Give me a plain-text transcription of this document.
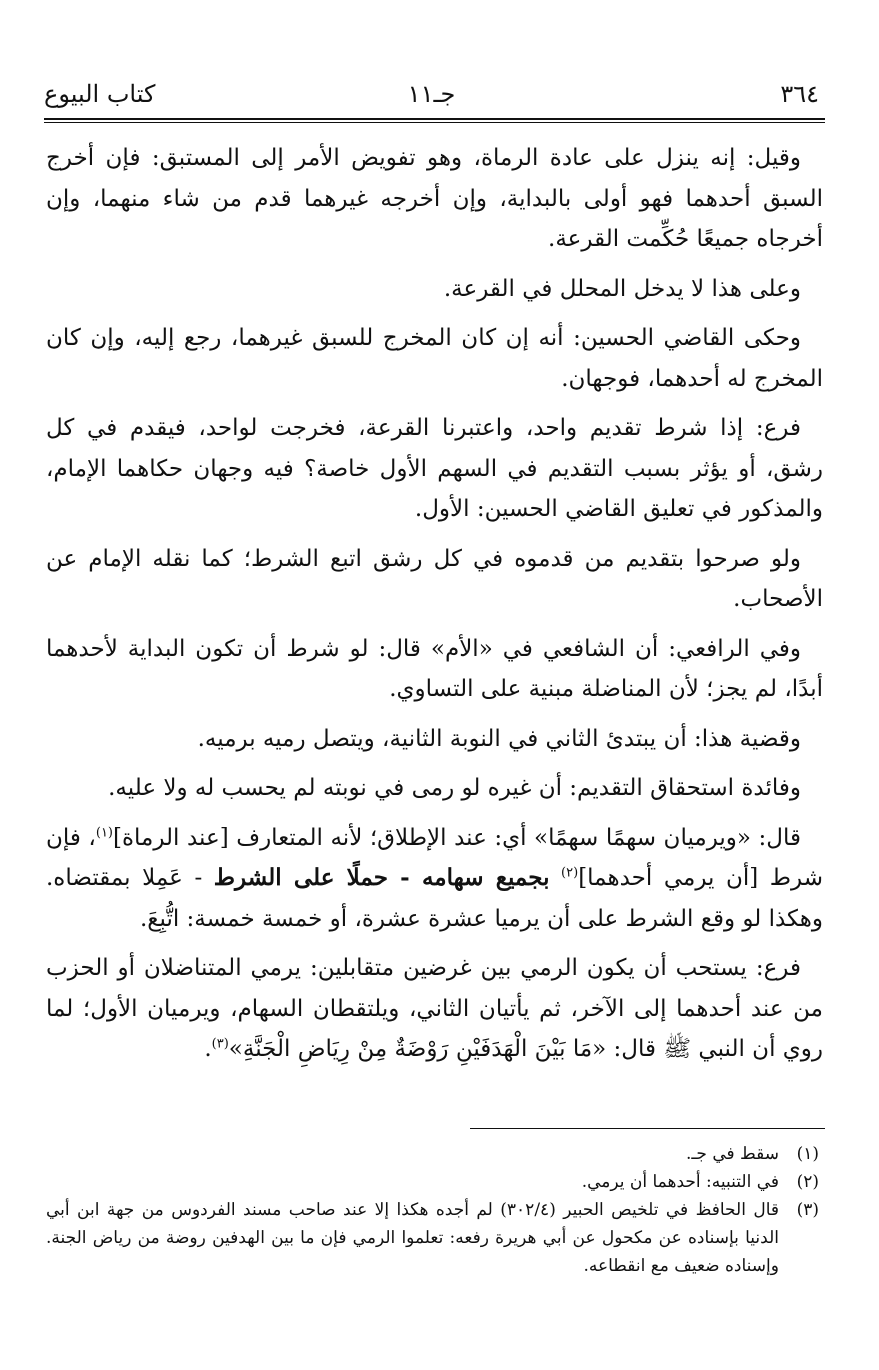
٣٦٤
جـ١١
كتاب البيوع

وقيل: إنه ينزل على عادة الرماة، وهو تفويض الأمر إلى المستبق: فإن أخرج السبق أحدهما فهو أولى بالبداية، وإن أخرجه غيرهما قدم من شاء منهما، وإن أخرجاه جميعًا حُكِّمت القرعة.

وعلى هذا لا يدخل المحلل في القرعة.

وحكى القاضي الحسين: أنه إن كان المخرج للسبق غيرهما، رجع إليه، وإن كان المخرج له أحدهما، فوجهان.

فرع: إذا شرط تقديم واحد، واعتبرنا القرعة، فخرجت لواحد، فيقدم في كل رشق، أو يؤثر بسبب التقديم في السهم الأول خاصة؟ فيه وجهان حكاهما الإمام، والمذكور في تعليق القاضي الحسين: الأول.

ولو صرحوا بتقديم من قدموه في كل رشق اتبع الشرط؛ كما نقله الإمام عن الأصحاب.

وفي الرافعي: أن الشافعي في «الأم» قال: لو شرط أن تكون البداية لأحدهما أبدًا، لم يجز؛ لأن المناضلة مبنية على التساوي.

وقضية هذا: أن يبتدئ الثاني في النوبة الثانية، ويتصل رميه برميه.

وفائدة استحقاق التقديم: أن غيره لو رمى في نوبته لم يحسب له ولا عليه.

قال: «ويرميان سهمًا سهمًا» أي: عند الإطلاق؛ لأنه المتعارف [عند الرماة]$^{(١)}$، فإن شرط [أن يرمي أحدهما]$^{(٢)}$ بجميع سهامه - حملًا على الشرط - عَمِلا بمقتضاه. وهكذا لو وقع الشرط على أن يرميا عشرة عشرة، أو خمسة خمسة: اتُّبِعَ.

فرع: يستحب أن يكون الرمي بين غرضين متقابلين: يرمي المتناضلان أو الحزب من عند أحدهما إلى الآخر، ثم يأتيان الثاني، ويلتقطان السهام، ويرميان الأول؛ لما روي أن النبي ﷺ قال: «مَا بَيْنَ الْهَدَفَيْنِ رَوْضَةٌ مِنْ رِيَاضِ الْجَنَّةِ»$^{(٣)}$.

(١)
سقط في جـ.
(٢)
في التنبيه: أحدهما أن يرمي.
(٣)
قال الحافظ في تلخيص الحبير (٣٠٢/٤) لم أجده هكذا إلا عند صاحب مسند الفردوس من جهة ابن أبي الدنيا بإسناده عن مكحول عن أبي هريرة رفعه: تعلموا الرمي فإن ما بين الهدفين روضة من رياض الجنة. وإسناده ضعيف مع انقطاعه.
